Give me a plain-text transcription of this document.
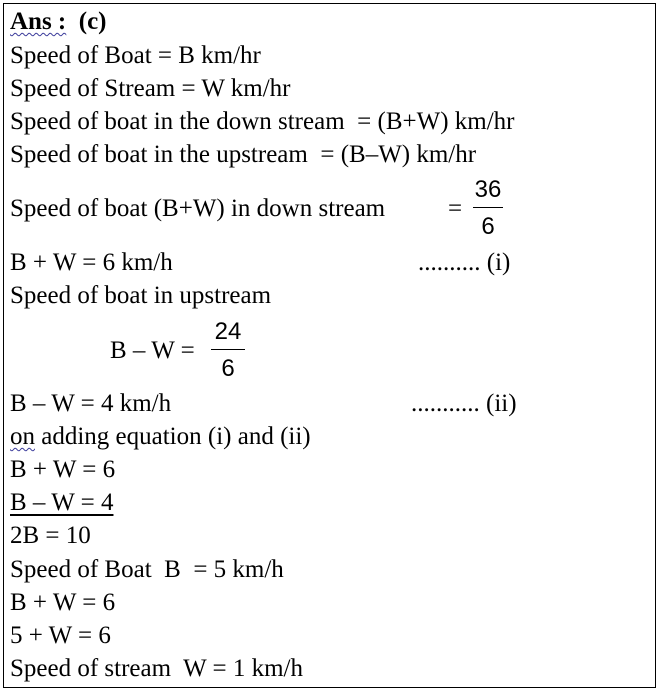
Ans : (c)
Speed of Boat = B km/hr
Speed of Stream = W km/hr
Speed of boat in the down stream  = (B+W) km/hr
Speed of boat in the upstream  = (B–W) km/hr
Speed of boat (B+W) in down stream	=
36
6
B + W = 6 km/h	.......... (i)
Speed of boat in upstream
B – W =
24
6
B – W = 4 km/h	........... (ii)
on adding equation (i) and (ii)
B + W = 6
B – W = 4
2B = 10
Speed of Boat  B  = 5 km/h
B + W = 6
5 + W = 6
Speed of stream  W = 1 km/h
